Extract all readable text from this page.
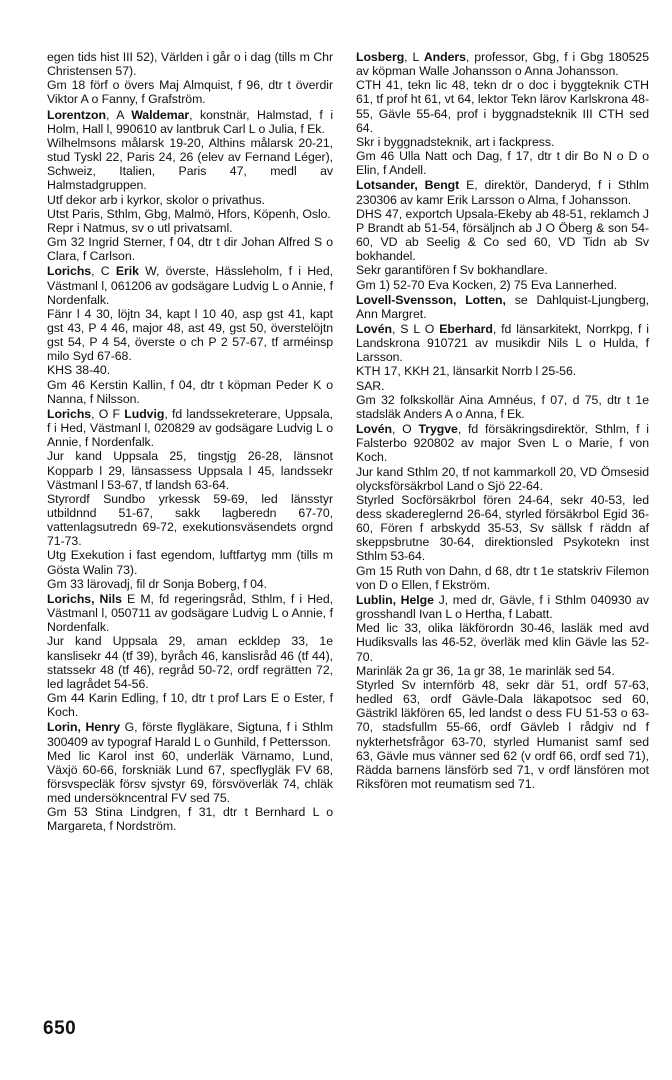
egen tids hist III 52), Världen i går o i dag (tills m Chr Christensen 57).

Gm 18 förf o övers Maj Almquist, f 96, dtr t överdir Viktor A o Fanny, f Grafström.

Lorentzon, A Waldemar, konstnär, Halmstad, f i Holm, Hall l, 990610 av lantbruk Carl L o Julia, f Ek.

Wilhelmsons målarsk 19-20, Althins målarsk 20-21, stud Tyskl 22, Paris 24, 26 (elev av Fernand Léger), Schweiz, Italien, Paris 47, medl av Halmstadgruppen.

Utf dekor arb i kyrkor, skolor o privathus.

Utst Paris, Sthlm, Gbg, Malmö, Hfors, Köpenh, Oslo.

Repr i Natmus, sv o utl privatsaml.

Gm 32 Ingrid Sterner, f 04, dtr t dir Johan Alfred S o Clara, f Carlson.

Lorichs, C Erik W, överste, Hässleholm, f i Hed, Västmanl l, 061206 av godsägare Ludvig L o Annie, f Nordenfalk.

Fänr l 4 30, löjtn 34, kapt l 10 40, asp gst 41, kapt gst 43, P 4 46, major 48, ast 49, gst 50, överstelöjtn gst 54, P 4 54, överste o ch P 2 57-67, tf arméinsp milo Syd 67-68.

KHS 38-40.

Gm 46 Kerstin Kallin, f 04, dtr t köpman Peder K o Nanna, f Nilsson.

Lorichs, O F Ludvig, fd landssekreterare, Uppsala, f i Hed, Västmanl l, 020829 av godsägare Ludvig L o Annie, f Nordenfalk.

Jur kand Uppsala 25, tingstjg 26-28, länsnot Kopparb l 29, länsassess Uppsala l 45, landssekr Västmanl l 53-67, tf landsh 63-64.

Styrordf Sundbo yrkessk 59-69, led länsstyr utbildnnd 51-67, sakk lagberedn 67-70, vattenlagsutredn 69-72, exekutionsväsendets orgnd 71-73.

Utg Exekution i fast egendom, luftfartyg mm (tills m Gösta Walin 73).

Gm 33 lärovadj, fil dr Sonja Boberg, f 04.

Lorichs, Nils E M, fd regeringsråd, Sthlm, f i Hed, Västmanl l, 050711 av godsägare Ludvig L o Annie, f Nordenfalk.

Jur kand Uppsala 29, aman eckldep 33, 1e kanslisekr 44 (tf 39), byråch 46, kanslisråd 46 (tf 44), statssekr 48 (tf 46), regråd 50-72, ordf regrätten 72, led lagrådet 54-56.

Gm 44 Karin Edling, f 10, dtr t prof Lars E o Ester, f Koch.

Lorin, Henry G, förste flygläkare, Sigtuna, f i Sthlm 300409 av typograf Harald L o Gunhild, f Pettersson.

Med lic Karol inst 60, underläk Värnamo, Lund, Växjö 60-66, forskniäk Lund 67, specflygläk FV 68, försvspecläk försv sjvstyr 69, försvöverläk 74, chläk med undersökncentral FV sed 75.

Gm 53 Stina Lindgren, f 31, dtr t Bernhard L o Margareta, f Nordström.

Losberg, L Anders, professor, Gbg, f i Gbg 180525 av köpman Walle Johansson o Anna Johansson.

CTH 41, tekn lic 48, tekn dr o doc i byggteknik CTH 61, tf prof ht 61, vt 64, lektor Tekn lärov Karlskrona 48-55, Gävle 55-64, prof i byggnadsteknik III CTH sed 64.

Skr i byggnadsteknik, art i fackpress.

Gm 46 Ulla Natt och Dag, f 17, dtr t dir Bo N o D o Elin, f Andell.

Lotsander, Bengt E, direktör, Danderyd, f i Sthlm 230306 av kamr Erik Larsson o Alma, f Johansson.

DHS 47, exportch Upsala-Ekeby ab 48-51, reklamch J P Brandt ab 51-54, försäljnch ab J O Öberg & son 54-60, VD ab Seelig & Co sed 60, VD Tidn ab Sv bokhandel.

Sekr garantifören f Sv bokhandlare.

Gm 1) 52-70 Eva Kocken, 2) 75 Eva Lannerhed.

Lovell-Svensson, Lotten, se Dahlquist-Ljungberg, Ann Margret.

Lovén, S L O Eberhard, fd länsarkitekt, Norrkpg, f i Landskrona 910721 av musikdir Nils L o Hulda, f Larsson.

KTH 17, KKH 21, länsarkit Norrb l 25-56.

SAR.

Gm 32 folkskollär Aina Amnéus, f 07, d 75, dtr t 1e stadsläk Anders A o Anna, f Ek.

Lovén, O Trygve, fd försäkringsdirektör, Sthlm, f i Falsterbo 920802 av major Sven L o Marie, f von Koch.

Jur kand Sthlm 20, tf not kammarkoll 20, VD Ömsesid olycksförsäkrbol Land o Sjö 22-64.

Styrled Socförsäkrbol fören 24-64, sekr 40-53, led dess skadereglernd 26-64, styrled försäkrbol Egid 36-60, Fören f arbskydd 35-53, Sv sällsk f räddn af skeppsbrutne 30-64, direktionsled Psykotekn inst Sthlm 53-64.

Gm 15 Ruth von Dahn, d 68, dtr t 1e statskriv Filemon von D o Ellen, f Ekström.

Lublin, Helge J, med dr, Gävle, f i Sthlm 040930 av grosshandl Ivan L o Hertha, f Labatt.

Med lic 33, olika läkförordn 30-46, lasläk med avd Hudiksvalls las 46-52, överläk med klin Gävle las 52-70.

Marinläk 2a gr 36, 1a gr 38, 1e marinläk sed 54.

Styrled Sv internförb 48, sekr där 51, ordf 57-63, hedled 63, ordf Gävle-Dala läkapotsoc sed 60, Gästrikl läkfören 65, led landst o dess FU 51-53 o 63-70, stadsfullm 55-66, ordf Gävleb l rådgiv nd f nykterhetsfrågor 63-70, styrled Humanist samf sed 63, Gävle mus vänner sed 62 (v ordf 66, ordf sed 71), Rädda barnens länsförb sed 71, v ordf länsfören mot Riksfören mot reumatism sed 71.

650
